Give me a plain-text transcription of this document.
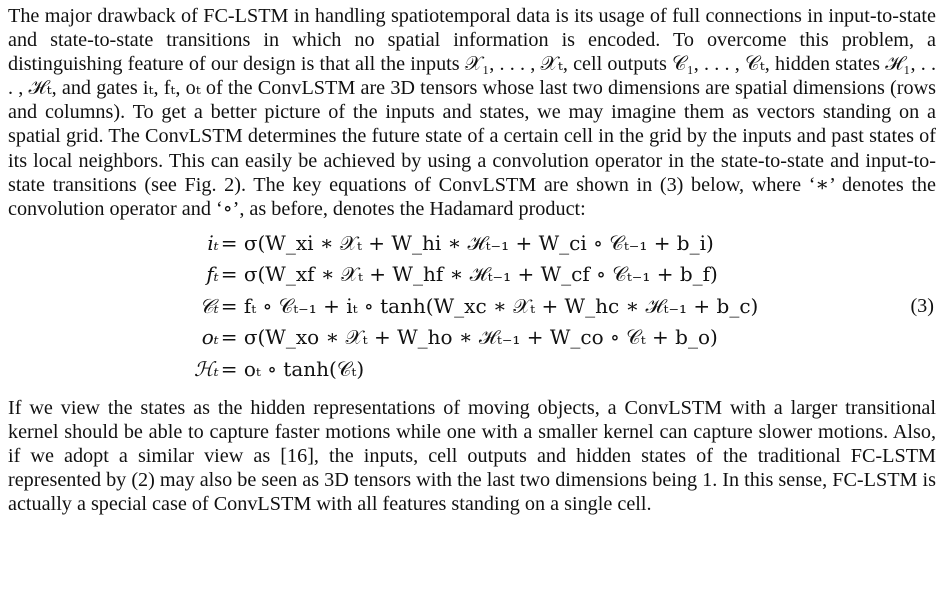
The major drawback of FC-LSTM in handling spatiotemporal data is its usage of full connections in input-to-state and state-to-state transitions in which no spatial information is encoded. To overcome this problem, a distinguishing feature of our design is that all the inputs 𝒳₁, . . . , 𝒳ₜ, cell outputs 𝒞₁, . . . , 𝒞ₜ, hidden states ℋ₁, . . . , ℋₜ, and gates iₜ, fₜ, oₜ of the ConvLSTM are 3D tensors whose last two dimensions are spatial dimensions (rows and columns). To get a better picture of the inputs and states, we may imagine them as vectors standing on a spatial grid. The ConvLSTM determines the future state of a certain cell in the grid by the inputs and past states of its local neighbors. This can easily be achieved by using a convolution operator in the state-to-state and input-to-state transitions (see Fig. 2). The key equations of ConvLSTM are shown in (3) below, where ‘∗’ denotes the convolution operator and ‘∘’, as before, denotes the Hadamard product:

iₜ = σ(W_xi ∗ 𝒳ₜ + W_hi ∗ ℋₜ₋₁ + W_ci ∘ 𝒞ₜ₋₁ + b_i)
fₜ = σ(W_xf ∗ 𝒳ₜ + W_hf ∗ ℋₜ₋₁ + W_cf ∘ 𝒞ₜ₋₁ + b_f)
𝒞ₜ = fₜ ∘ 𝒞ₜ₋₁ + iₜ ∘ tanh(W_xc ∗ 𝒳ₜ + W_hc ∗ ℋₜ₋₁ + b_c)
oₜ = σ(W_xo ∗ 𝒳ₜ + W_ho ∗ ℋₜ₋₁ + W_co ∘ 𝒞ₜ + b_o)
ℋₜ = oₜ ∘ tanh(𝒞ₜ)
(3)

If we view the states as the hidden representations of moving objects, a ConvLSTM with a larger transitional kernel should be able to capture faster motions while one with a smaller kernel can capture slower motions. Also, if we adopt a similar view as [16], the inputs, cell outputs and hidden states of the traditional FC-LSTM represented by (2) may also be seen as 3D tensors with the last two dimensions being 1. In this sense, FC-LSTM is actually a special case of ConvLSTM with all features standing on a single cell.
